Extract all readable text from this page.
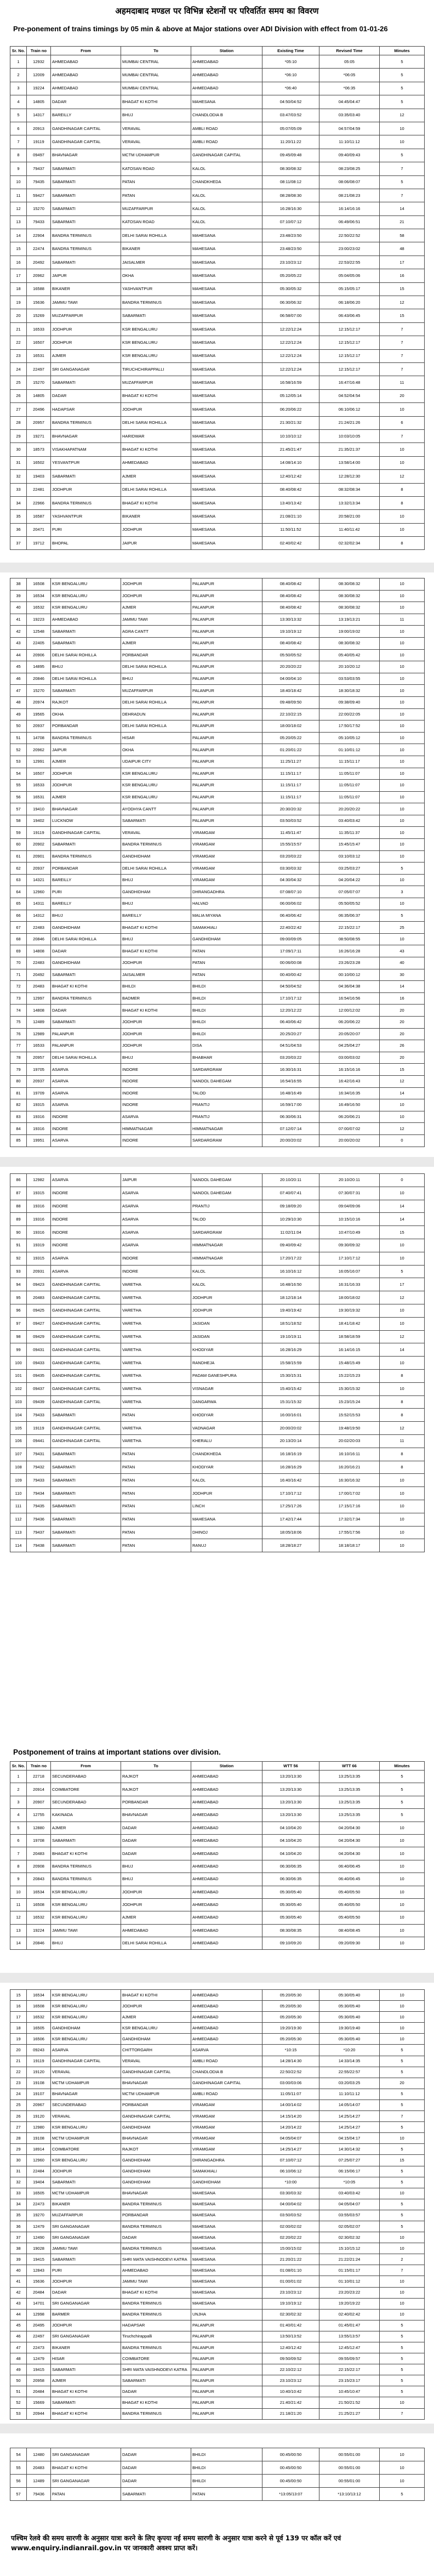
अहमदाबाद मण्डल पर विभिन्न स्टेशनों पर परिवर्तित समय का विवरण
Pre-ponement of trains timings by 05 min & above at Major stations over ADI Division with effect from 01-01-26
Sr. No.	Train no	From	To	Station	Existing Time	Revised Time	Minutes
1	12932	AHMEDABAD	MUMBAI CENTRAL	AHMEDABAD	*05:10	05:05	5
2	12009	AHMEDABAD	MUMBAI CENTRAL	AHMEDABAD	*06:10	*06:05	5
3	19224	AHMEDABAD	MUMBAI CENTRAL	AHMEDABAD	*06:40	*06:35	5
4	14805	DADAR	BHAGAT KI KOTHI	MAHESANA	04:50/04:52	04:45/04:47	5
5	14317	BAREILLY	BHUJ	CHANDLODIA B	03:47/03:52	03:35/03:40	12
6	20913	GANDHINAGAR CAPITAL	VERAVAL	AMBLI ROAD	05:07/05:09	04:57/04:59	10
7	19119	GANDHINAGAR CAPITAL	VERAVAL	AMBLI ROAD	11:20/11:22	11:10/11:12	10
8	09497	BHAVNAGAR	MCTM UDHAMPUR	GANDHINAGAR CAPITAL	09:45/09:48	09:40/09:43	5
9	79437	SABARMATI	KATOSAN ROAD	KALOL	08:30/08:32	08:23/08:25	7
10	79435	SABARMATI	PATAN	CHANDKHEDA	08:11/08:12	08:06/08:07	5
11	59427	SABARMATI	PATAN	KALOL	08:28/08:30	08:21/08:23	7
12	15270	SABARMATI	MUZAFFARPUR	KALOL	16:28/16:30	16:14/16:16	14
13	79433	SABARMATI	KATOSAN ROAD	KALOL	07:10/07:12	06:49/06:51	21
14	22904	BANDRA TERMINUS	DELHI SARAI ROHILLA	MAHESANA	23:48/23:50	22:50/22:52	58
15	22474	BANDRA TERMINUS	BIKANER	MAHESANA	23:48/23:50	23:00/23:02	48
16	20492	SABARMATI	JAISALMER	MAHESANA	23:10/23:12	22:53/22:55	17
17	20962	JAIPUR	OKHA	MAHESANA	05:20/05:22	05:04/05:06	16
18	16588	BIKANER	YASHVANTPUR	MAHESANA	05:30/05:32	05:15/05:17	15
19	15636	JAMMU TAWI	BANDRA TERMINUS	MAHESANA	06:30/06:32	06:18/06:20	12
20	15269	MUZAFFARPUR	SABARMATI	MAHESANA	06:58/07:00	06:43/06:45	15
21	16533	JODHPUR	KSR BENGALURU	MAHESANA	12:22/12:24	12:15/12:17	7
22	16507	JODHPUR	KSR BENGALURU	MAHESANA	12:22/12:24	12:15/12:17	7
23	16531	AJMER	KSR BENGALURU	MAHESANA	12:22/12:24	12:15/12:17	7
24	22497	SRI GANGANAGAR	TIRUCHCHIRAPPALLI	MAHESANA	12:22/12:24	12:15/12:17	7
25	15270	SABARMATI	MUZAFFARPUR	MAHESANA	16:58/16:59	16:47/16:48	11
26	14805	DADAR	BHAGAT KI KOTHI	MAHESANA	05:12/05:14	04:52/04:54	20
27	20496	HADAPSAR	JODHPUR	MAHESANA	06:20/06:22	06:10/06:12	10
28	20957	BANDRA TERMINUS	DELHI SARAI ROHILLA	MAHESANA	21:30/21:32	21:24/21:26	6
29	19271	BHAVNAGAR	HARIDWAR	MAHESANA	10:10/10:12	10:03/10:05	7
30	18573	VISAKHAPATNAM	BHAGAT KI KOTHI	MAHESANA	21:45/21:47	21:35/21:37	10
31	16502	YESVANTPUR	AHMEDABAD	MAHESANA	14:08/14:10	13:58/14:00	10
32	19403	SABARMATI	AJMER	MAHESANA	12:40/12:42	12:28/12:30	12
33	22481	JODHPUR	DELHI SARAI ROHILLA	MAHESANA	08:40/08:42	08:32/08:34	8
34	22966	BANDRA TERMINUS	BHAGAT KI KOTHI	MAHESANA	13:40/13:42	13:32/13:34	8
35	16587	YASHVANTPUR	BIKANER	MAHESANA	21:08/21:10	20:58/21:00	10
36	20471	PURI	JODHPUR	MAHESANA	11:50/11:52	11:40/11:42	10
37	19712	BHOPAL	JAIPUR	MAHESANA	02:40/02:42	02:32/02:34	8
38	16508	KSR BENGALURU	JODHPUR	PALANPUR	08:40/08:42	08:30/08:32	10
39	16534	KSR BENGALURU	JODHPUR	PALANPUR	08:40/08:42	08:30/08:32	10
40	16532	KSR BENGALURU	AJMER	PALANPUR	08:40/08:42	08:30/08:32	10
41	19223	AHMEDABAD	JAMMU TAWI	PALANPUR	13:30/13:32	13:19/13:21	11
42	12548	SABARMATI	AGRA CANTT	PALANPUR	19:10/19:12	19:00/19:02	10
43	22405	SABARMATI	AJMER	PALANPUR	08:40/08:42	08:30/08:32	10
44	20906	DELHI SARAI ROHILLA	PORBANDAR	PALANPUR	05:50/05:52	05:40/05:42	10
45	14895	BHUJ	DELHI SARAI ROHILLA	PALANPUR	20:20/20:22	20:10/20:12	10
46	20846	DELHI SARAI ROHILLA	BHUJ	PALANPUR	04:00/04:10	03:53/03:55	10
47	15270	SABARMATI	MUZAFFARPUR	PALANPUR	18:40/18:42	18:30/18:32	10
48	20974	RAJKOT	DELHI SARAI ROHILLA	PALANPUR	09:48/09:50	09:38/09:40	10
49	19565	OKHA	DEHRADUN	PALANPUR	22:10/22:15	22:00/22:05	10
50	20937	PORBANDAR	DELHI SARAI ROHILLA	PALANPUR	18:00/18:02	17:50/17:52	10
51	14708	BANDRA TERMINUS	HISAR	PALANPUR	05:20/05:22	05:10/05:12	10
52	20962	JAIPUR	OKHA	PALANPUR	01:20/01:22	01:10/01:12	10
53	12991	AJMER	UDAIPUR CITY	PALANPUR	11:25/11:27	11:15/11:17	10
54	16507	JODHPUR	KSR BENGALURU	PALANPUR	11:15/11:17	11:05/11:07	10
55	16533	JODHPUR	KSR BENGALURU	PALANPUR	11:15/11:17	11:05/11:07	10
56	16531	AJMER	KSR BENGALURU	PALANPUR	11:15/11:17	11:05/11:07	10
57	19410	BHAVNAGAR	AYODHYA CANTT	PALANPUR	20:30/20:32	20:20/20:22	10
58	19402	LUCKNOW	SABARMATI	PALANPUR	03:50/03:52	03:40/03:42	10
59	19119	GANDHINAGAR CAPITAL	VERAVAL	VIRAMGAM	11:45/11:47	11:35/11:37	10
60	20902	SABARMATI	BANDRA TERMINUS	VIRAMGAM	15:55/15:57	15:45/15:47	10
61	20901	BANDRA TERMINUS	GANDHIDHAM	VIRAMGAM	03:20/03:22	03:10/03:12	10
62	20937	PORBANDAR	DELHI SARAI ROHILLA	VIRAMGAM	03:30/03:32	03:25/03:27	5
63	14321	BAREILLY	BHUJ	VIRAMGAM	04:30/04:32	04:20/04:22	10
64	12960	PURI	GANDHIDHAM	DHRANGADHRA	07:08/07:10	07:05/07:07	3
65	14311	BAREILLY	BHUJ	HALVAD	06:00/06:02	05:50/05:52	10
66	14312	BHUJ	BAREILLY	MALIA MIYANA	06:40/06:42	06:35/06:37	5
67	22483	GANDHIDHAM	BHAGAT KI KOTHI	SAMAKHIALI	22:40/22:42	22:15/22:17	25
68	20846	DELHI SARAI ROHILLA	BHUJ	GANDHIDHAM	09:00/09:05	08:50/08:55	10
69	14808	DADAR	BHAGAT KI KOTHI	PATAN	17:09/17:11	16:26/16:28	43
70	22483	GANDHIDHAM	JODHPUR	PATAN	00:06/00:08	23:26/23:28	40
71	20492	SABARMATI	JAISALMER	PATAN	00:40/00:42	00:10/00:12	30
72	20483	BHAGAT KI KOTHI	BHILDI	BHILDI	04:50/04:52	04:36/04:38	14
73	12997	BANDRA TERMINUS	BADMER	BHILDI	17:10/17:12	16:54/16:56	16
74	14808	DADAR	BHAGAT KI KOTHI	BHILDI	12:20/12:22	12:00/12:02	20
75	12489	SABARMATI	JODHPUR	BHILDI	06:40/06:42	06:20/06:22	20
76	12989	PALANPUR	JODHPUR	BHILDI	20:25/20:27	20:05/20:07	20
77	16533	PALANPUR	JODHPUR	DISA	04:51/04:53	04:25/04:27	26
78	20957	DELHI SARAI ROHILLA	BHUJ	BHABHAR	03:20/03:22	03:00/03:02	20
79	19705	ASARVA	INDORE	SARDARGRAM	16:30/16:31	16:15/16:16	15
80	20937	ASARVA	INDORE	NANDOL DAHEGAM	16:54/16:55	16:42/16:43	12
81	19709	ASARVA	INDORE	TALOD	16:48/16:49	16:34/16:35	14
82	19315	ASARVA	INDORE	PRANTIJ	16:59/17:00	16:49/16:50	10
83	19316	INDORE	ASARVA	PRANTIJ	06:30/06:31	06:20/06:21	10
84	19316	INDORE	HIMMATNAGAR	HIMMATNAGAR	07:12/07:14	07:00/07:02	12
85	19951	ASARVA	INDORE	SARDARGRAM	20:00/20:02	20:00/20:02	0
86	12982	ASARVA	JAIPUR	NANDOL DAHEGAM	20:10/20:11	20:10/20:11	0
87	19315	INDORE	ASARVA	NANDOL DAHEGAM	07:40/07:41	07:30/07:31	10
88	19316	INDORE	ASARVA	PRANTIJ	09:18/09:20	09:04/09:06	14
89	19316	INDORE	ASARVA	TALOD	10:29/10:30	10:15/10:16	14
90	19316	INDORE	ASARVA	SARDARGRAM	11:02/11:04	10:47/10:49	15
91	19319	INDORE	ASARVA	HIMMATNAGAR	09:40/09:42	09:30/09:32	10
92	19315	ASARVA	INDORE	HIMMATNAGAR	17:20/17:22	17:10/17:12	10
93	20931	ASARVA	INDORE	KALOL	16:10/16:12	16:05/16:07	5
94	09423	GANDHINAGAR CAPITAL	VARETHA	KALOL	16:48/16:50	16:31/16:33	17
95	20483	GANDHINAGAR CAPITAL	VARETHA	JODHPUR	18:12/18:14	18:00/18:02	12
96	09425	GANDHINAGAR CAPITAL	VARETHA	JODHPUR	19:40/19:42	19:30/19:32	10
97	09427	GANDHINAGAR CAPITAL	VARETHA	JASIDAN	18:51/18:52	18:41/18:42	10
98	09429	GANDHINAGAR CAPITAL	VARETHA	JASIDAN	19:10/19:11	18:58/18:59	12
99	09431	GANDHINAGAR CAPITAL	VARETHA	KHODIYAR	16:28/16:29	16:14/16:15	14
100	09433	GANDHINAGAR CAPITAL	VARETHA	RANDHEJA	15:58/15:59	15:48/15:49	10
101	09435	GANDHINAGAR CAPITAL	VARETHA	PADAM GANESHPURA	15:30/15:31	15:22/15:23	8
102	09437	GANDHINAGAR CAPITAL	VARETHA	VISNAGAR	15:40/15:42	15:30/15:32	10
103	09439	GANDHINAGAR CAPITAL	VARETHA	DANGARWA	15:31/15:32	15:23/15:24	8
104	79433	SABARMATI	PATAN	KHODIYAR	16:00/16:01	15:52/15:53	8
105	19119	GANDHINAGAR CAPITAL	VARETHA	VADNAGAR	20:00/20:02	19:48/19:50	12
106	09441	GANDHINAGAR CAPITAL	VARETHA	KHERALU	20:13/20:14	20:02/20:03	11
107	79431	SABARMATI	PATAN	CHANDKHEDA	16:18/16:19	16:10/16:11	8
108	79432	SABARMATI	PATAN	KHODIYAR	16:28/16:29	16:20/16:21	8
109	79433	SABARMATI	PATAN	KALOL	16:40/16:42	16:30/16:32	10
110	79434	SABARMATI	PATAN	JODHPUR	17:10/17:12	17:00/17:02	10
111	79435	SABARMATI	PATAN	LINCH	17:25/17:26	17:15/17:16	10
112	79436	SABARMATI	PATAN	MAHESANA	17:42/17:44	17:32/17:34	10
113	79437	SABARMATI	PATAN	DHINOJ	18:05/18:06	17:55/17:56	10
114	79438	SABARMATI	PATAN	RANUJ	18:28/18:27	18:18/18:17	10
Postponement of trains at important stations over division.
Sr. No.	Train no	From	To	Station	WTT 56	WTT 66	Minutes
1	22718	SECUNDERABAD	RAJKOT	AHMEDABAD	13:20/13:30	13:25/13:35	5
2	20914	COIMBATORE	RAJKOT	AHMEDABAD	13:20/13:30	13:25/13:35	5
3	20907	SECUNDERABAD	PORBANDAR	AHMEDABAD	13:20/13:30	13:25/13:35	5
4	12755	KAKINADA	BHAVNAGAR	AHMEDABAD	13:20/13:30	13:25/13:35	5
5	12880	AJMER	DADAR	AHMEDABAD	04:10/04:20	04:20/04:30	10
6	19708	SABARMATI	DADAR	AHMEDABAD	04:10/04:20	04:20/04:30	10
7	20483	BHAGAT KI KOTHI	DADAR	AHMEDABAD	04:10/04:20	04:20/04:30	10
8	20908	BANDRA TERMINUS	BHUJ	AHMEDABAD	06:30/06:35	06:40/06:45	10
9	20843	BANDRA TERMINUS	BHUJ	AHMEDABAD	06:30/06:35	06:40/06:45	10
10	16534	KSR BENGALURU	JODHPUR	AHMEDABAD	05:30/05:40	05:40/05:50	10
11	16508	KSR BENGALURU	JODHPUR	AHMEDABAD	05:30/05:40	05:40/05:50	10
12	16532	KSR BENGALURU	AJMER	AHMEDABAD	05:30/05:40	05:40/05:50	10
13	19224	JAMMU TAWI	AHMEDABAD	AHMEDABAD	08:30/08:35	08:40/08:45	10
14	20846	BHUJ	DELHI SARAI ROHILLA	AHMEDABAD	09:10/09:20	09:20/09:30	10
15	16534	KSR BENGALURU	BHAGAT KI KOTHI	AHMEDABAD	05:20/05:30	05:30/05:40	10
16	16508	KSR BENGALURU	JODHPUR	AHMEDABAD	05:20/05:30	05:30/05:40	10
17	16532	KSR BENGALURU	AJMER	AHMEDABAD	05:20/05:30	05:30/05:40	10
18	16505	GANDHIDHAM	KSR BENGALURU	AHMEDABAD	19:20/19:30	19:30/19:40	10
19	16506	KSR BENGALURU	GANDHIDHAM	AHMEDABAD	05:20/05:30	05:30/05:40	10
20	09243	ASARVA	CHITTORGARH	ASARVA	*10:15	*10:20	5
21	19119	GANDHINAGAR CAPITAL	VERAVAL	AMBLI ROAD	14:28/14:30	14:33/14:35	5
22	19120	VERAVAL	GANDHINAGAR CAPITAL	CHANDLODIA B	22:50/22:52	22:55/22:57	5
23	19108	MCTM UDHAMPUR	BHAVNAGAR	GANDHINAGAR CAPITAL	03:00/03:06	03:20/03:25	20
24	19107	BHAVNAGAR	MCTM UDHAMPUR	AMBLI ROAD	11:05/11:07	11:10/11:12	5
25	20967	SECUNDERABAD	PORBANDAR	VIRAMGAM	14:00/14:02	14:05/14:07	5
26	19120	VERAVAL	GANDHINAGAR CAPITAL	VIRAMGAM	14:15/14:20	14:25/14:27	7
27	12980	KSR BENGALURU	GANDHIDHAM	VIRAMGAM	14:20/14:22	14:25/14:27	5
28	19108	MCTM UDHAMPUR	BHAVNAGAR	VIRAMGAM	04:05/04:07	04:15/04:17	10
29	18914	COIMBATORE	RAJKOT	VIRAMGAM	14:25/14:27	14:30/14:32	5
30	12960	KSR BENGALURU	GANDHIDHAM	DHRANGADHRA	07:10/07:12	07:25/07:27	15
31	22484	JODHPUR	GANDHIDHAM	SAMAKHIALI	06:10/06:12	06:15/06:17	5
32	19404	SABARMATI	GANDHIDHAM	GANDHIDHAM	*10:00	*10:05	5
33	16505	MCTM UDHAMPUR	BHAVNAGAR	MAHESANA	03:30/03:32	03:40/03:42	10
34	22473	BIKANER	BANDRA TERMINUS	MAHESANA	04:00/04:02	04:05/04:07	5
35	19270	MUZAFFARPUR	PORBANDAR	MAHESANA	03:50/03:52	03:55/03:57	5
36	12479	SRI GANGANAGAR	BANDRA TERMINUS	MAHESANA	02:00/02:02	02:05/02:07	5
37	12490	SRI GANGANAGAR	DADAR	MAHESANA	02:20/02:22	02:30/02:32	10
38	19028	JAMMU TAWI	BANDRA TERMINUS	MAHESANA	15:00/15:02	15:10/15:12	10
39	19415	SABARMATI	SHRI MATA VAISHNODEVI KATRA	MAHESANA	21:20/21:22	21:22/21:24	2
40	12843	PURI	AHMEDABAD	MAHESANA	01:08/01:10	01:15/01:17	7
41	15636	JODHPUR	JAMMU TAWI	MAHESANA	01:00/01:02	01:10/01:12	10
42	20484	DADAR	BHAGAT KI KOTHI	MAHESANA	23:10/23:12	23:20/23:22	10
43	14701	SRI GANGANAGAR	BANDRA TERMINUS	MAHESANA	19:10/19:12	19:20/19:22	10
44	12998	BARMER	BANDRA TERMINUS	UNJHA	02:30/02:32	02:40/02:42	10
45	20495	JODHPUR	HADAPSAR	PALANPUR	01:40/01:42	01:45/01:47	5
46	22497	SRI GANGANAGAR	Tiruchchirappalli	PALANPUR	13:50/13:52	13:55/13:57	5
47	22473	BIKANER	BANDRA TERMINUS	PALANPUR	12:40/12:42	12:45/12:47	5
48	12479	HISAR	COIMBATORE	PALANPUR	09:50/09:52	09:55/09:57	5
49	19415	SABARMATI	SHRI MATA VAISHNODEVI KATRA	PALANPUR	22:10/22:12	22:15/22:17	5
50	20958	AJMER	SABARMATI	PALANPUR	23:10/23:12	23:15/23:17	5
51	20484	BHAGAT KI KOTHI	DADAR	PALANPUR	10:40/10:42	10:45/10:47	5
52	15669	SABARMATI	BHAGAT KI KOTHI	PALANPUR	21:40/21:42	21:50/21:52	10
53	20944	BHAGAT KI KOTHI	BANDRA TERMINUS	PALANPUR	21:18/21:20	21:25/21:27	7
54	12480	SRI GANGANAGAR	DADAR	BHILDI	00:45/00:50	00:55/01:00	10
55	20483	BHAGAT KI KOTHI	DADAR	BHILDI	00:45/00:50	00:55/01:00	10
56	12489	SRI GANGANAGAR	DADAR	BHILDI	00:45/00:50	00:55/01:00	10
57	79436	PATAN	SABARMATI	PATAN	*13:05/13:07	*13:10/13:12	5
पश्चिम रेलवे की समय सारणी के अनुसार यात्रा करने के लिए कृपया नई समय सारणी के अनुसार यात्रा करने से पूर्व 139 पर कॉल करें एवं www.enquiry.indianrail.gov.in पर जानकारी अवश्य प्राप्त करें।
